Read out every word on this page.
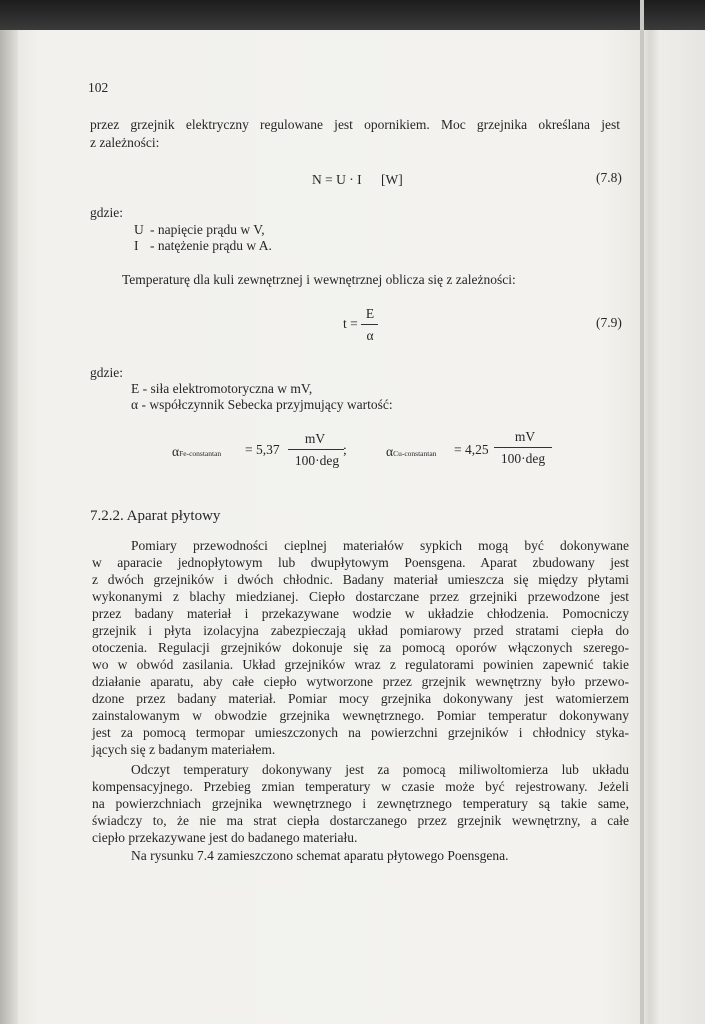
102
przez grzejnik elektryczny regulowane jest opornikiem. Moc grzejnika określana jest
z zależności:
N = U · I [W]	(7.8)
gdzie:
U - napięcie prądu w V,
I - natężenie prądu w A.
Temperaturę dla kuli zewnętrznej i wewnętrznej oblicza się z zależności:
t =
E
α
(7.9)
gdzie:
E - siła elektromotoryczna w mV,
α - współczynnik Sebecka przyjmujący wartość:
αFe-constantan = 5,37
mV
100·deg
;	αCu-constantan = 4,25
mV
100·deg
7.2.2. Aparat płytowy
Pomiary przewodności cieplnej materiałów sypkich mogą być dokonywane
w aparacie jednopłytowym lub dwupłytowym Poensgena. Aparat zbudowany jest
z dwóch grzejników i dwóch chłodnic. Badany materiał umieszcza się między płytami
wykonanymi z blachy miedzianej. Ciepło dostarczane przez grzejniki przewodzone jest
przez badany materiał i przekazywane wodzie w układzie chłodzenia. Pomocniczy
grzejnik i płyta izolacyjna zabezpieczają układ pomiarowy przed stratami ciepła do
otoczenia. Regulacji grzejników dokonuje się za pomocą oporów włączonych szerego-
wo w obwód zasilania. Układ grzejników wraz z regulatorami powinien zapewnić takie
działanie aparatu, aby całe ciepło wytworzone przez grzejnik wewnętrzny było przewo-
dzone przez badany materiał. Pomiar mocy grzejnika dokonywany jest watomierzem
zainstalowanym w obwodzie grzejnika wewnętrznego. Pomiar temperatur dokonywany
jest za pomocą termopar umieszczonych na powierzchni grzejników i chłodnicy styka-
jących się z badanym materiałem.
Odczyt temperatury dokonywany jest za pomocą miliwoltomierza lub układu
kompensacyjnego. Przebieg zmian temperatury w czasie może być rejestrowany. Jeżeli
na powierzchniach grzejnika wewnętrznego i zewnętrznego temperatury są takie same,
świadczy to, że nie ma strat ciepła dostarczanego przez grzejnik wewnętrzny, a całe
ciepło przekazywane jest do badanego materiału.
Na rysunku 7.4 zamieszczono schemat aparatu płytowego Poensgena.
